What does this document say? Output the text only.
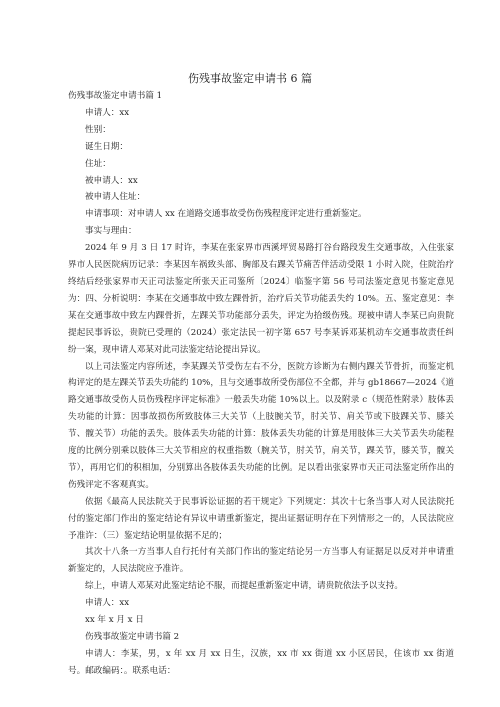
伤残事故鉴定申请书 6 篇

伤残事故鉴定申请书篇 1

申请人：xx

性别：

诞生日期：

住址：

被申请人：xx

被申请人住址：

申请事项：对申请人 xx 在道路交通事故受伤伤残程度评定进行重新鉴定。

事实与理由：

2024 年 9 月 3 日 17 时许，李某在张家界市西溪坪贸易路打谷台路段发生交通事故，入住张家界市人民医院病历记录：李某因车祸致头部、胸部及右踝关节痛苦伴活动受限 1 小时入院，住院治疗终结后经张家界市天正司法鉴定所张天正司鉴所〔2024〕临鉴字第 56 号司法鉴定意见书鉴定意见为：四、分析说明：李某在交通事故中致左踝骨折，治疗后关节功能丢失约 10%。五、鉴定意见：李某在交通事故中致左内踝骨折，左踝关节功能部分丢失，评定为拾级伤残。现被申请人李某已向贵院提起民事诉讼，贵院已受理的（2024）张定法民一初字第 657 号李某诉邓某机动车交通事故责任纠纷一案，现申请人邓某对此司法鉴定结论提出异议。

以上司法鉴定内容所述，李某踝关节受伤左右不分，医院方诊断为右侧内踝关节骨折，而鉴定机构评定的是左踝关节丢失功能约 10%，且与交通事故所受伤部位不全都，并与 gb18667—2024《道路交通事故受伤人员伤残程序评定标准》一般丢失功能 10%以上。以及附录 c（规范性附录）肢体丢失功能的计算：因事故损伤所致肢体三大关节（上肢腕关节，肘关节、肩关节或下肢踝关节、膝关节、髋关节）功能的丢失。肢体丢失功能的计算：肢体丢失功能的计算是用肢体三大关节丢失功能程度的比例分别乘以肢体三大关节相应的权重指数（腕关节，肘关节，肩关节，踝关节，膝关节，髋关节），再用它们的积相加，分别算出各肢体丢失功能的比例。足以看出张家界市天正司法鉴定所作出的伤残评定不客观真实。

依据《最高人民法院关于民事诉讼证据的若干规定》下列规定：其次十七条当事人对人民法院托付的鉴定部门作出的鉴定结论有异议申请重新鉴定，提出证据证明存在下列情形之一的，人民法院应予准许：（三）鉴定结论明显依据不足的；

其次十八条一方当事人自行托付有关部门作出的鉴定结论另一方当事人有证据足以反对并申请重新鉴定的，人民法院应予准许。

综上，申请人邓某对此鉴定结论不服，而提起重新鉴定申请，请贵院依法予以支持。

申请人：xx

xx 年 x 月 x 日

伤残事故鉴定申请书篇 2

申请人：李某，男，x 年 xx 月 xx 日生，汉族，xx 市 xx 街道 xx 小区居民，住该市 xx 街道号。邮政编码：。联系电话：
